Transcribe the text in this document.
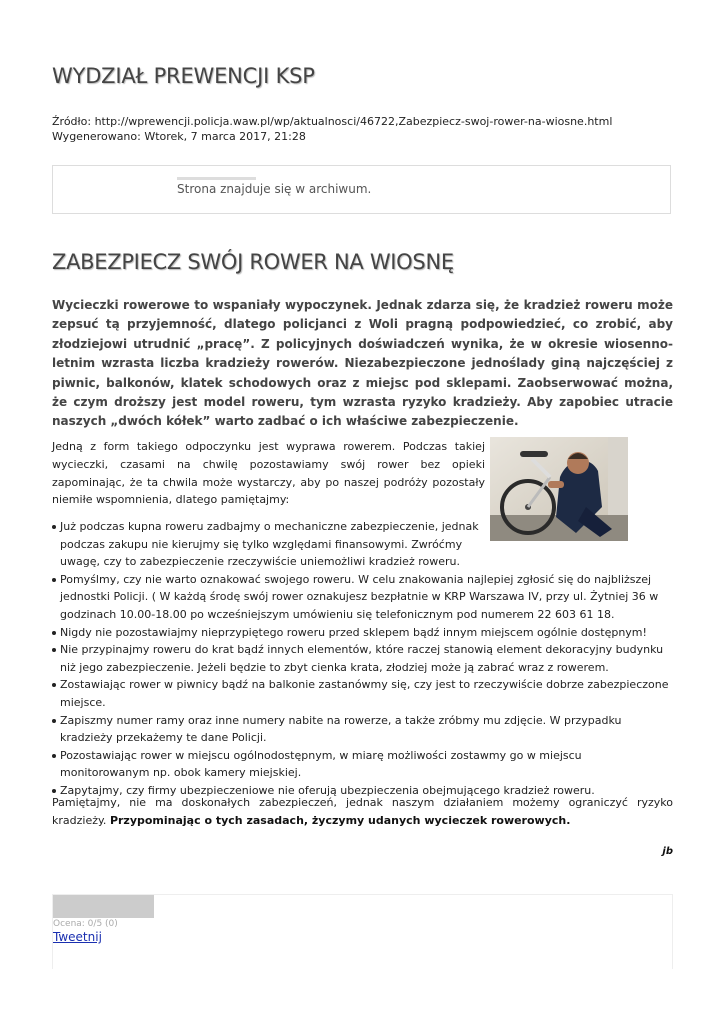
WYDZIAŁ PREWENCJI KSP
Źródło: http://wprewencji.policja.waw.pl/wp/aktualnosci/46722,Zabezpiecz-swoj-rower-na-wiosne.html
Wygenerowano: Wtorek, 7 marca 2017, 21:28
Strona znajduje się w archiwum.
ZABEZPIECZ SWÓJ ROWER NA WIOSNĘ

Wycieczki rowerowe to wspaniały wypoczynek. Jednak zdarza się, że kradzież roweru może zepsuć tą przyjemność, dlatego policjanci z Woli pragną podpowiedzieć, co zrobić, aby złodziejowi utrudnić „pracę”. Z policyjnych doświadczeń wynika, że w okresie wiosenno-letnim wzrasta liczba kradzieży rowerów. Niezabezpieczone jednoślady giną najczęściej z piwnic, balkonów, klatek schodowych oraz z miejsc pod sklepami. Zaobserwować można, że czym droższy jest model roweru, tym wzrasta ryzyko kradzieży. Aby zapobiec utracie naszych „dwóch kółek” warto zadbać o ich właściwe zabezpieczenie.

Jedną z form takiego odpoczynku jest wyprawa rowerem. Podczas takiej wycieczki, czasami na chwilę pozostawiamy swój rower bez opieki zapominając, że ta chwila może wystarczy, aby po naszej podróży pozostały niemiłe wspomnienia, dlatego pamiętajmy:

Już podczas kupna roweru zadbajmy o mechaniczne zabezpieczenie, jednak podczas zakupu nie kierujmy się tylko względami finansowymi. Zwróćmy uwagę, czy to zabezpieczenie rzeczywiście uniemożliwi kradzież roweru.
Pomyślmy, czy nie warto oznakować swojego roweru. W celu znakowania najlepiej zgłosić się do najbliższej jednostki Policji. ( W każdą środę swój rower oznakujesz bezpłatnie w KRP Warszawa IV, przy ul. Żytniej 36 w godzinach 10.00-18.00 po wcześniejszym umówieniu się telefonicznym pod numerem 22 603 61 18.
Nigdy nie pozostawiajmy nieprzypiętego roweru przed sklepem bądź innym miejscem ogólnie dostępnym!
Nie przypinajmy roweru do krat bądź innych elementów, które raczej stanowią element dekoracyjny budynku niż jego zabezpieczenie. Jeżeli będzie to zbyt cienka krata, złodziej może ją zabrać wraz z rowerem.
Zostawiając rower w piwnicy bądź na balkonie zastanówmy się, czy jest to rzeczywiście dobrze zabezpieczone miejsce.
Zapiszmy numer ramy oraz inne numery nabite na rowerze, a także zróbmy mu zdjęcie. W przypadku kradzieży przekażemy te dane Policji.
Pozostawiając rower w miejscu ogólnodostępnym, w miarę możliwości zostawmy go w miejscu monitorowanym np. obok kamery miejskiej.
Zapytajmy, czy firmy ubezpieczeniowe nie oferują ubezpieczenia obejmującego kradzież roweru.

Pamiętajmy, nie ma doskonałych zabezpieczeń, jednak naszym działaniem możemy ograniczyć ryzyko kradzieży. Przypominając o tych zasadach, życzymy udanych wycieczek rowerowych.

jb
Ocena: 0/5 (0)
Tweetnij
